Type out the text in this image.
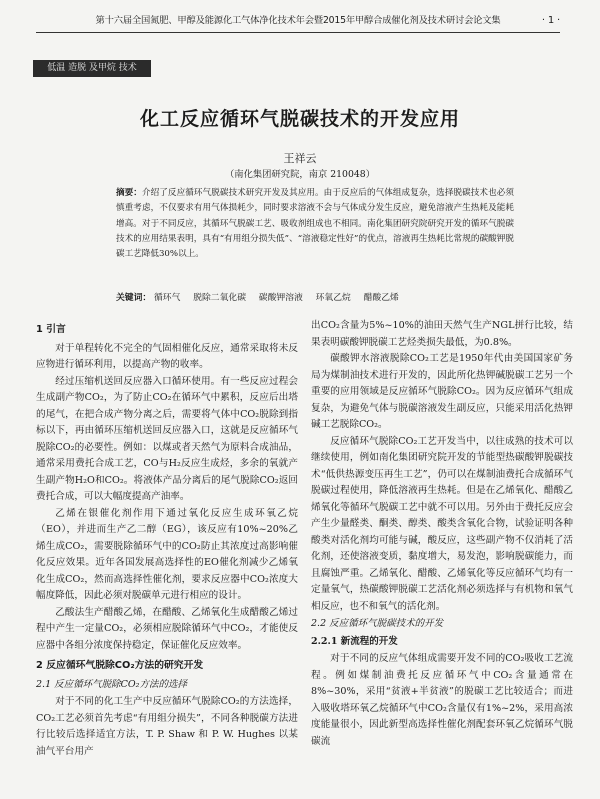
第十六届全国氮肥、甲醇及能源化工气体净化技术年会暨2015年甲醇合成催化剂及技术研讨会论文集	· 1 ·
低温 造脱 及甲烷 技术
化工反应循环气脱碳技术的开发应用
王祥云
（南化集团研究院，南京 210048）
摘要：介绍了反应循环气脱碳技术研究开发及其应用。由于反应后的气体组成复杂，选择脱碳技术也必须慎重考虑，不仅要求有用气体损耗少，同时要求溶液不会与气体成分发生反应，避免溶液产生热耗及能耗增高。对于不同反应，其循环气脱碳工艺、吸收剂组成也不相同。南化集团研究院研究开发的循环气脱碳技术的应用结果表明，具有“有用组分损失低”、“溶液稳定性好”的优点，溶液再生热耗比常规的碳酸钾脱碳工艺降低30%以上。
关键词： 循环气 脱除二氧化碳 碳酸钾溶液 环氧乙烷 醋酸乙烯
1 引言

对于单程转化不完全的气固相催化反应，通常采取将未反应物进行循环利用，以提高产物的收率。

经过压缩机送回反应器入口循环使用。有一些反应过程会生成副产物CO₂，为了防止CO₂在循环气中累积，反应后出塔的尾气，在把合成产物分离之后，需要将气体中CO₂脱除到指标以下，再由循环压缩机送回反应器入口，这就是反应循环气脱除CO₂的必要性。例如：以煤或者天然气为原料合成油品，通常采用费托合成工艺，CO与H₂反应生成烃，多余的氧就产生副产物H₂O和CO₂。将液体产品分离后的尾气脱除CO₂返回费托合成，可以大幅度提高产油率。

乙烯在银催化剂作用下通过氧化反应生成环氧乙烷（EO），并进而生产乙二醇（EG），该反应有10%~20%乙烯生成CO₂，需要脱除循环气中的CO₂防止其浓度过高影响催化反应效果。近年各国发展高选择性的EO催化剂减少乙烯氧化生成CO₂，然而高选择性催化剂，要求反应器中CO₂浓度大幅度降低，因此必须对脱碳单元进行相应的设计。

乙酸法生产醋酸乙烯，在醋酸、乙烯氧化生成醋酸乙烯过程中产生一定量CO₂，必须相应脱除循环气中CO₂，才能使反应器中各组分浓度保持稳定，保证催化反应效率。

2 反应循环气脱除CO₂方法的研究开发
2.1 反应循环气脱除CO₂方法的选择

对于不同的化工生产中反应循环气脱除CO₂的方法选择，CO₂工艺必须首先考虑“有用组分损失”，不同各种脱碳方法进行比较后选择适宜方法，T. P. Shaw 和 P. W. Hughes 以某油气平台用产

出CO₂含量为5%~10%的油田天然气生产NGL拼行比较，结果表明碳酸钾脱碳工艺烃类损失最低，为0.8%。

碳酸钾水溶液脱除CO₂工艺是1950年代由美国国家矿务局为煤制油技术进行开发的，因此所化热钾碱脱碳工艺另一个重要的应用领域是反应循环气脱除CO₂。因为反应循环气组成复杂，为避免气体与脱碳溶液发生副反应，只能采用活化热钾碱工艺脱除CO₂。

反应循环气脱除CO₂工艺开发当中，以往成熟的技术可以继续使用，例如南化集团研究院开发的节能型热碳酸钾脱碳技术“低供热源变压再生工艺”，仍可以在煤制油费托合成循环气脱碳过程使用，降低溶液再生热耗。但是在乙烯氧化、醋酸乙烯氧化等循环气脱碳工艺中就不可以用。另外由于费托反应会产生少量醛类、酮类、醇类、酸类含氧化合物，试验证明各种酸类对活化剂均可能与碱，酸反应，这些副产物不仅消耗了活化剂，还使溶液变质，黏度增大，易发泡，影响脱碳能力，而且腐蚀严重。乙烯氧化、醋酸、乙烯氧化等反应循环气均有一定量氧气，热碳酸钾脱碳工艺活化剂必须选择与有机物和氧气相反应，也不和氧气的活化剂。

2.2 反应循环气脱碳技术的开发
2.2.1 新流程的开发

对于不同的反应气体组成需要开发不同的CO₂吸收工艺流程。例如煤制油费托反应循环气中CO₂含量通常在8%~30%，采用“贫液+半贫液”的脱碳工艺比较适合；而进入吸收塔环氧乙烷循环气中CO₂含量仅有1%~2%，采用高浓度能量很小，因此新型高选择性催化剂配套环氧乙烷循环气脱碳流
